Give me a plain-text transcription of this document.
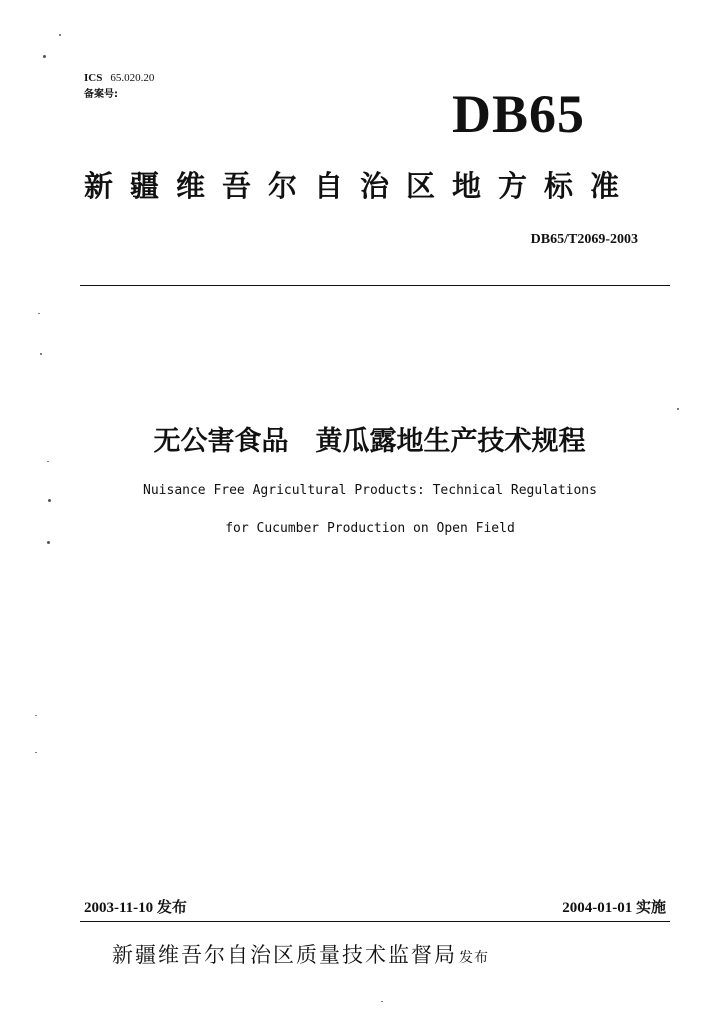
ICS 65.020.20
备案号:	DB65
新疆维吾尔自治区地方标准
DB65/T2069-2003
无公害食品　黄瓜露地生产技术规程
Nuisance Free Agricultural Products: Technical Regulations
for Cucumber Production on Open Field
2003-11-10 发布	2004-01-01 实施
新疆维吾尔自治区质量技术监督局 发布
